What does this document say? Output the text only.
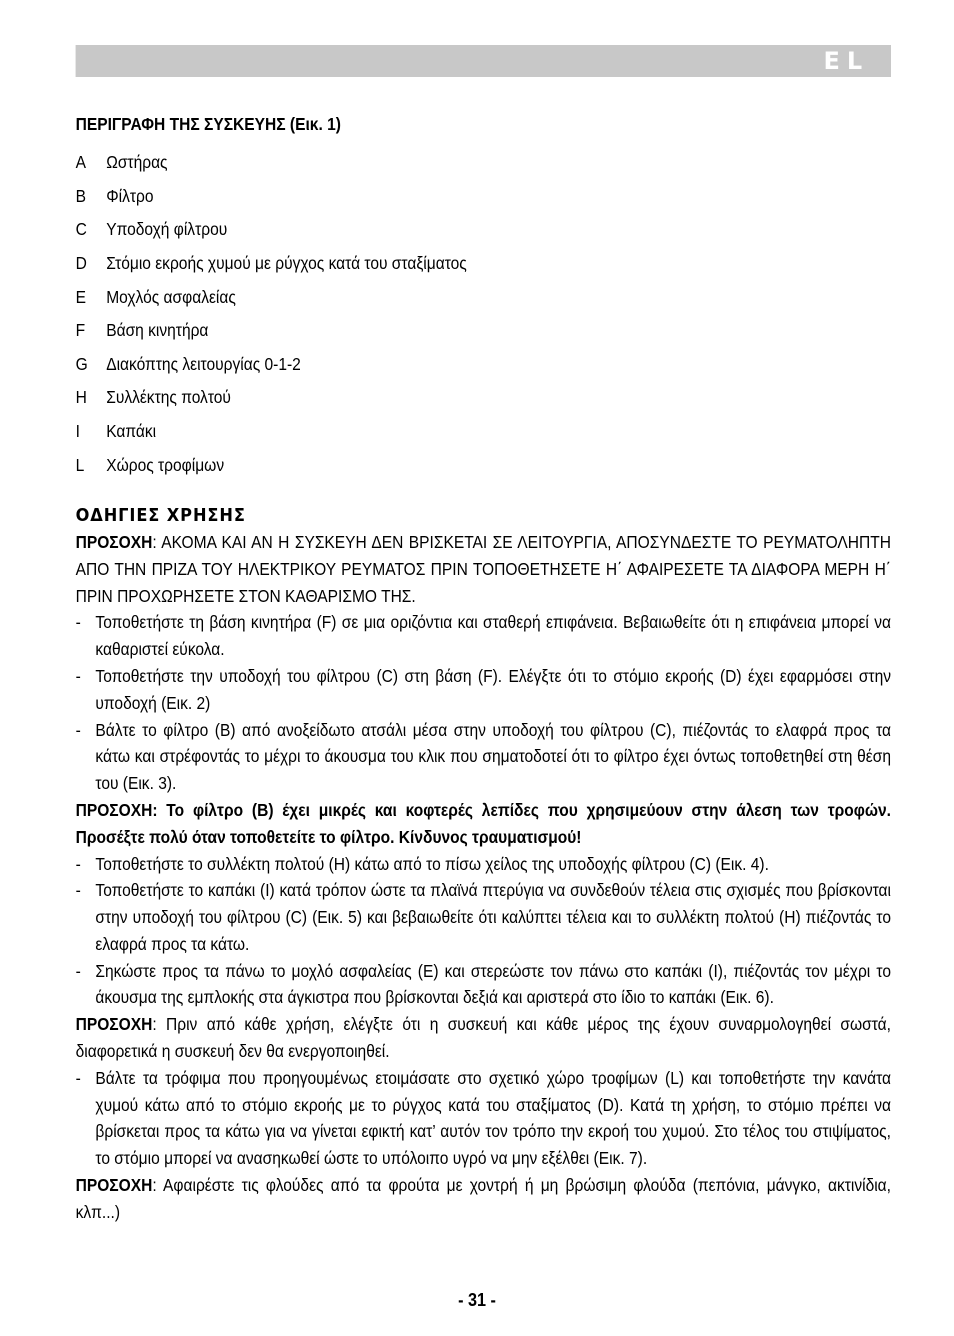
EL
ΠΕΡΙΓΡΑΦΗ ΤΗΣ ΣΥΣΚΕΥΗΣ (Εικ. 1)
A	Ωστήρας
B	Φίλτρο
C	Υποδοχή φίλτρου
D	Στόμιο εκροής χυμού με ρύγχος κατά του σταξίματος
E	Μοχλός ασφαλείας
F	Βάση κινητήρα
G	Διακόπτης λειτουργίας 0-1-2
H	Συλλέκτης πολτού
I	Καπάκι
L	Χώρος τροφίμων
ΟΔΗΓΙΕΣ ΧΡΗΣΗΣ

ΠΡΟΣΟΧΗ: ΑΚΟΜΑ ΚΑΙ ΑΝ Η ΣΥΣΚΕΥΗ ΔΕΝ ΒΡΙΣΚΕΤΑΙ ΣΕ ΛΕΙΤΟΥΡΓΙΑ, ΑΠΟΣΥΝΔΕΣΤΕ ΤΟ ΡΕΥΜΑΤΟΛΗΠΤΗ ΑΠΟ ΤΗΝ ΠΡΙΖΑ ΤΟΥ ΗΛΕΚΤΡΙΚΟΥ ΡΕΥΜΑΤΟΣ ΠΡΙΝ ΤΟΠΟΘΕΤΗΣΕΤΕ Η΄ ΑΦΑΙΡΕΣΕΤΕ ΤΑ ΔΙΑΦΟΡΑ ΜΕΡΗ Η΄ ΠΡΙΝ ΠΡΟΧΩΡΗΣΕΤΕ ΣΤΟΝ ΚΑΘΑΡΙΣΜΟ ΤΗΣ.

- Τοποθετήστε τη βάση κινητήρα (F) σε μια οριζόντια και σταθερή επιφάνεια. Βεβαιωθείτε ότι η επιφάνεια μπορεί να καθαριστεί εύκολα.
- Τοποθετήστε την υποδοχή του φίλτρου (C) στη βάση (F). Ελέγξτε ότι το στόμιο εκροής (D) έχει εφαρμόσει στην υποδοχή (Εικ. 2)
- Βάλτε το φίλτρο (B) από ανοξείδωτο ατσάλι μέσα στην υποδοχή του φίλτρου (C), πιέζοντάς το ελαφρά προς τα κάτω και στρέφοντάς το μέχρι το άκουσμα του κλικ που σηματοδοτεί ότι το φίλτρο έχει όντως τοποθετηθεί στη θέση του (Εικ. 3).

ΠΡΟΣΟΧΗ: Το φίλτρο (B) έχει μικρές και κοφτερές λεπίδες που χρησιμεύουν στην άλεση των τροφών. Προσέξτε πολύ όταν τοποθετείτε το φίλτρο. Κίνδυνος τραυματισμού!

- Τοποθετήστε το συλλέκτη πολτού (H) κάτω από το πίσω χείλος της υποδοχής φίλτρου (C) (Εικ. 4).
- Τοποθετήστε το καπάκι (I) κατά τρόπον ώστε τα πλαϊνά πτερύγια να συνδεθούν τέλεια στις σχισμές που βρίσκονται στην υποδοχή του φίλτρου (C) (Εικ. 5) και βεβαιωθείτε ότι καλύπτει τέλεια και το συλλέκτη πολτού (H) πιέζοντάς το ελαφρά προς τα κάτω.
- Σηκώστε προς τα πάνω το μοχλό ασφαλείας (E) και στερεώστε τον πάνω στο καπάκι (I), πιέζοντάς τον μέχρι το άκουσμα της εμπλοκής στα άγκιστρα που βρίσκονται δεξιά και αριστερά στο ίδιο το καπάκι (Εικ. 6).

ΠΡΟΣΟΧΗ: Πριν από κάθε χρήση, ελέγξτε ότι η συσκευή και κάθε μέρος της έχουν συναρμολογηθεί σωστά, διαφορετικά η συσκευή δεν θα ενεργοποιηθεί.

- Βάλτε τα τρόφιμα που προηγουμένως ετοιμάσατε στο σχετικό χώρο τροφίμων (L) και τοποθετήστε την κανάτα χυμού κάτω από το στόμιο εκροής με το ρύγχος κατά του σταξίματος (D). Κατά τη χρήση, το στόμιο πρέπει να βρίσκεται προς τα κάτω για να γίνεται εφικτή κατ’ αυτόν τον τρόπο την εκροή του χυμού. Στο τέλος του στιψίματος, το στόμιο μπορεί να ανασηκωθεί ώστε το υπόλοιπο υγρό να μην εξέλθει (Εικ. 7).

ΠΡΟΣΟΧΗ: Αφαιρέστε τις φλούδες από τα φρούτα με χοντρή ή μη βρώσιμη φλούδα (πεπόνια, μάνγκο, ακτινίδια, κλπ...)

- 31 -
